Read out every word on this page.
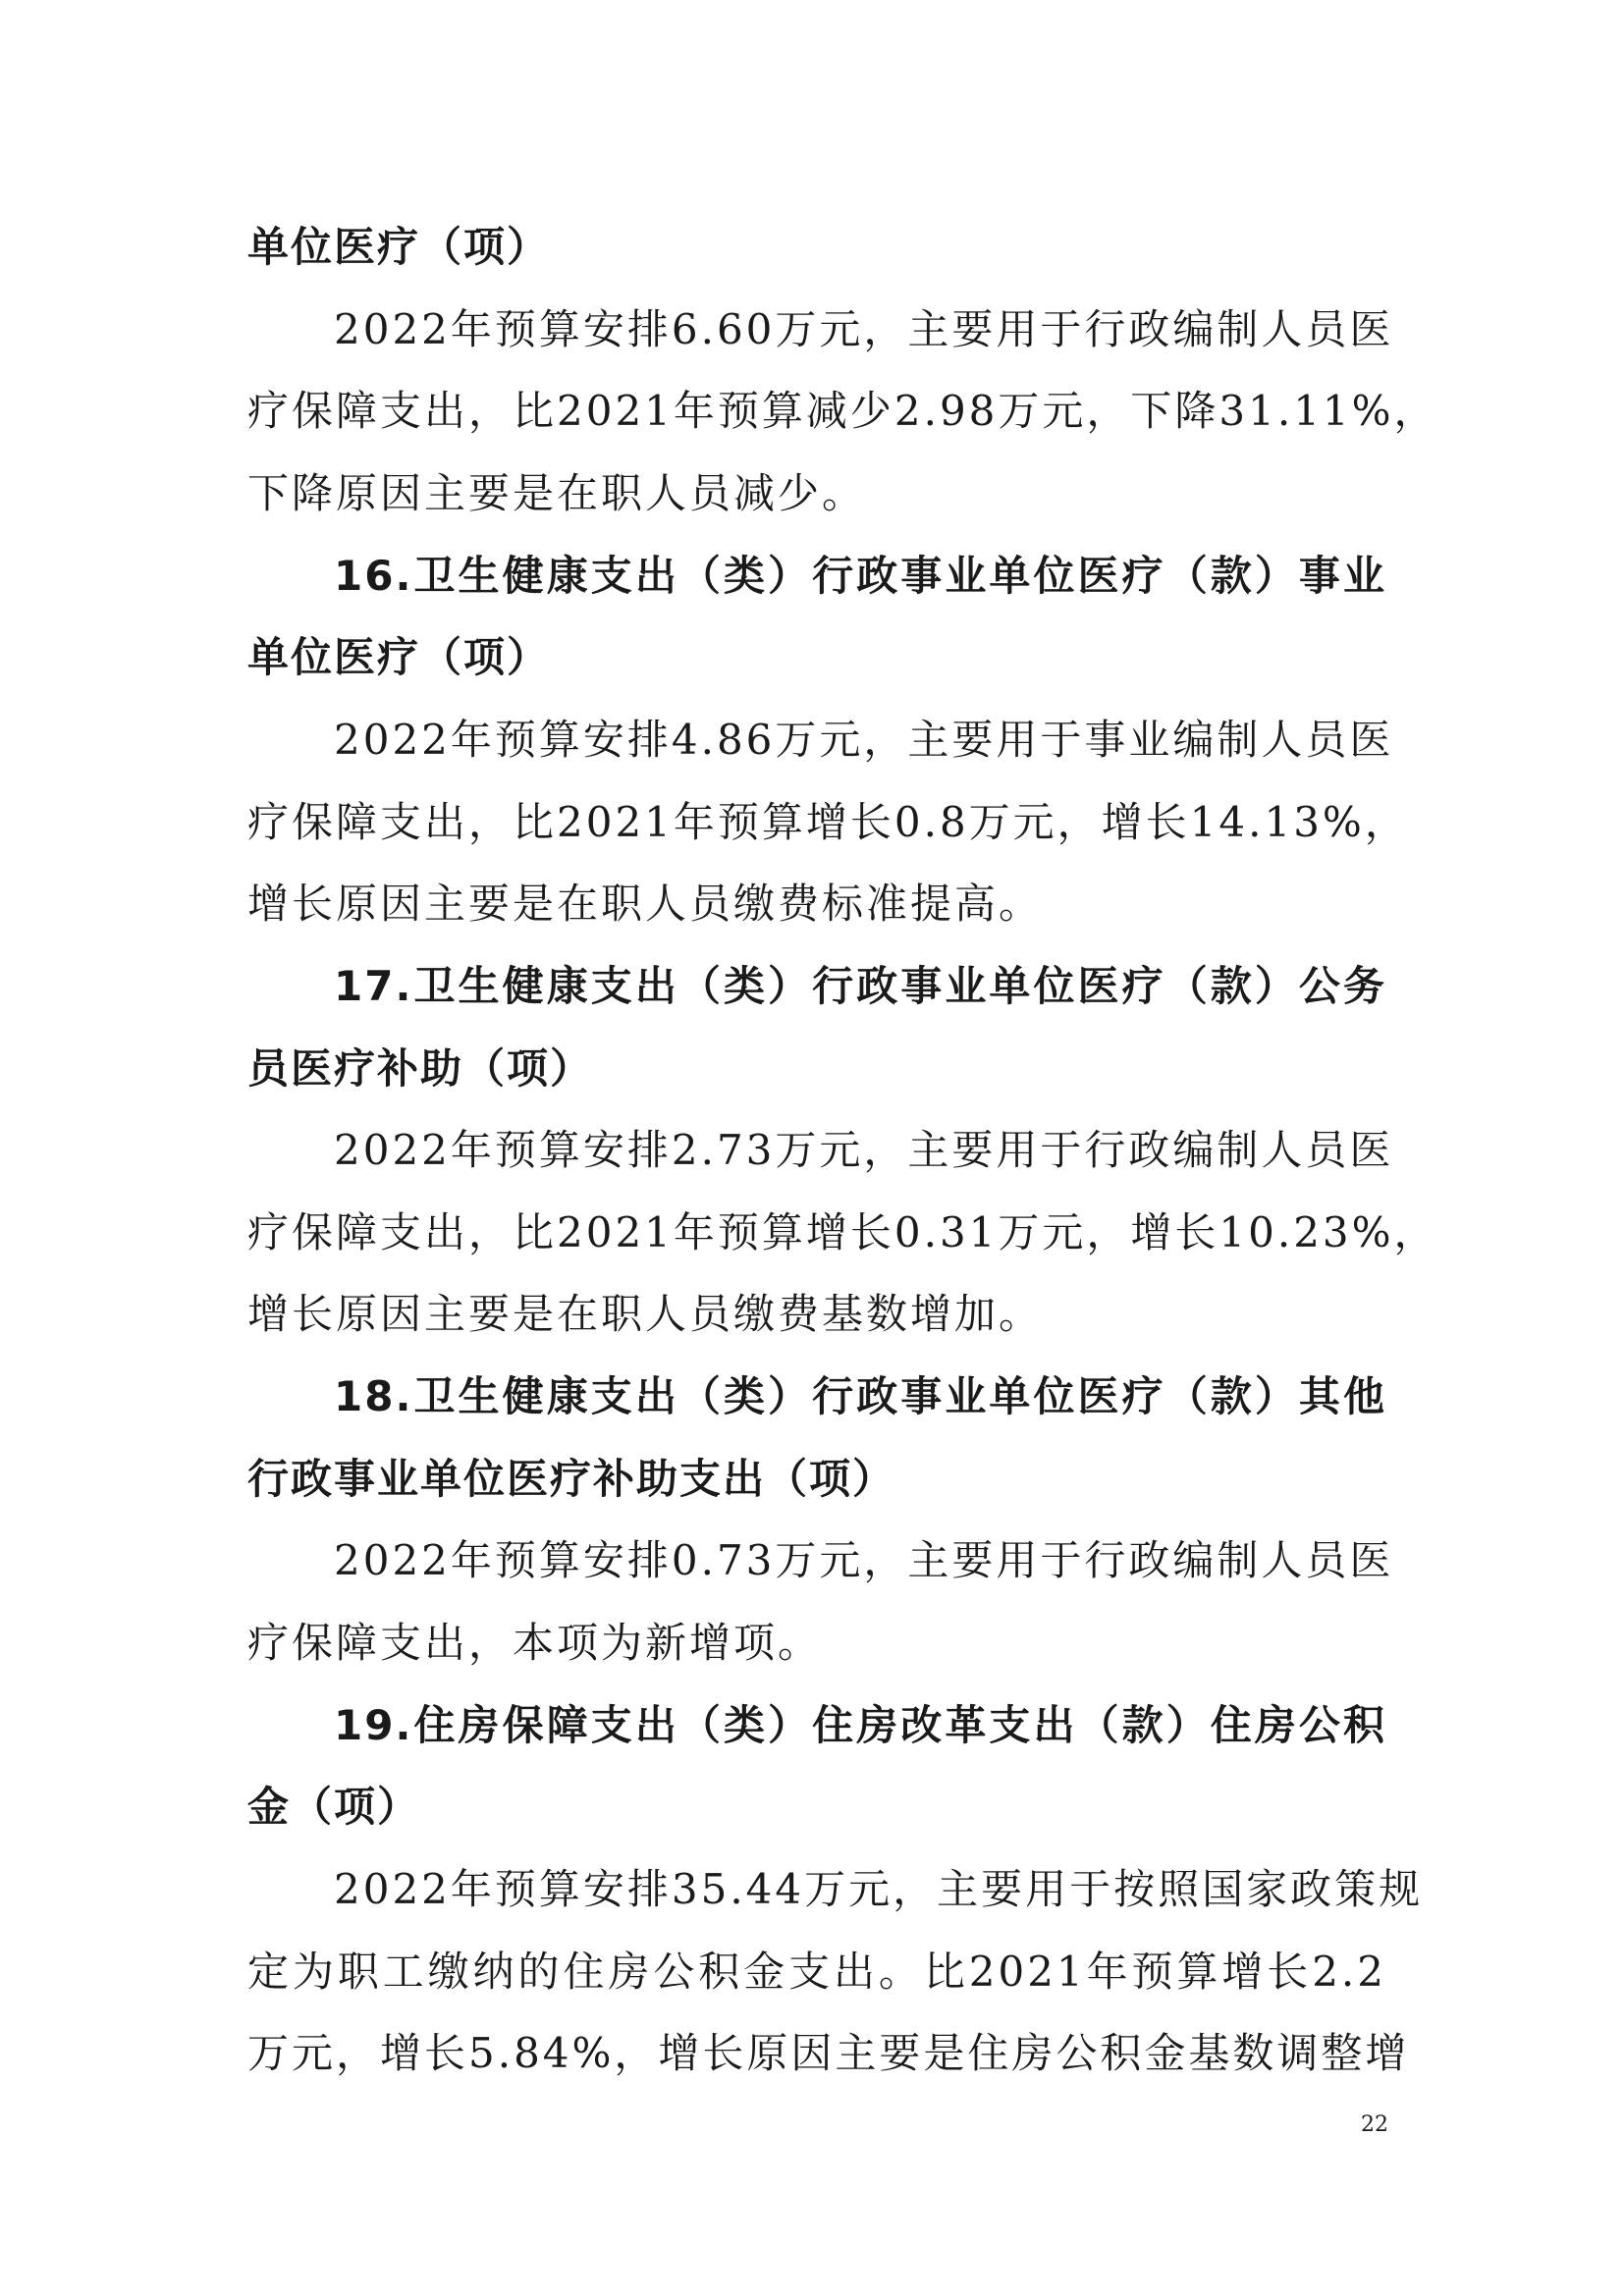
单位医疗（项）
2022年预算安排6.60万元，主要用于行政编制人员医
疗保障支出，比2021年预算减少2.98万元，下降31.11%，
下降原因主要是在职人员减少。
16.卫生健康支出（类）行政事业单位医疗（款）事业
单位医疗（项）
2022年预算安排4.86万元，主要用于事业编制人员医
疗保障支出，比2021年预算增长0.8万元，增长14.13%，
增长原因主要是在职人员缴费标准提高。
17.卫生健康支出（类）行政事业单位医疗（款）公务
员医疗补助（项）
2022年预算安排2.73万元，主要用于行政编制人员医
疗保障支出，比2021年预算增长0.31万元，增长10.23%，
增长原因主要是在职人员缴费基数增加。
18.卫生健康支出（类）行政事业单位医疗（款）其他
行政事业单位医疗补助支出（项）
2022年预算安排0.73万元，主要用于行政编制人员医
疗保障支出，本项为新增项。
19.住房保障支出（类）住房改革支出（款）住房公积
金（项）
2022年预算安排35.44万元，主要用于按照国家政策规
定为职工缴纳的住房公积金支出。比2021年预算增长2.2
万元，增长5.84%，增长原因主要是住房公积金基数调整增
22
